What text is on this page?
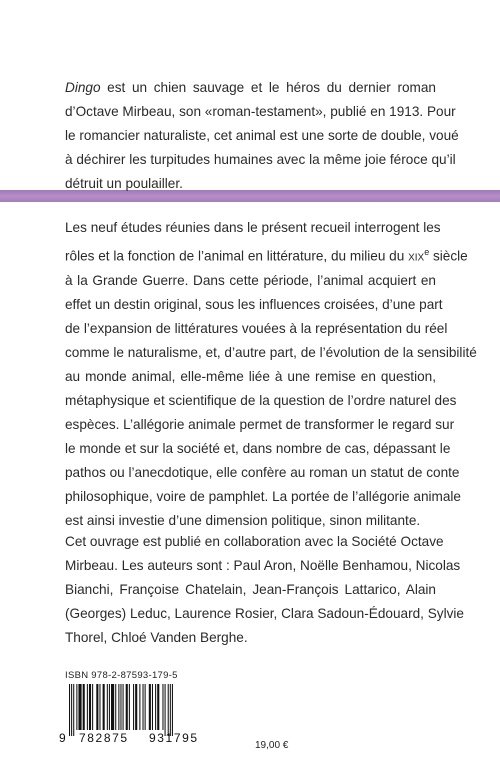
Dingo est un chien sauvage et le héros du dernier roman
d’Octave Mirbeau, son «roman-testament», publié en 1913. Pour
le romancier naturaliste, cet animal est une sorte de double, voué
à déchirer les turpitudes humaines avec la même joie féroce qu’il
détruit un poulailler.

Les neuf études réunies dans le présent recueil interrogent les
rôles et la fonction de l’animal en littérature, du milieu du xix$^e$ siècle
à la Grande Guerre. Dans cette période, l’animal acquiert en
effet un destin original, sous les influences croisées, d’une part
de l’expansion de littératures vouées à la représentation du réel
comme le naturalisme, et, d’autre part, de l’évolution de la sensibilité
au monde animal, elle-même liée à une remise en question,
métaphysique et scientifique de la question de l’ordre naturel des
espèces. L’allégorie animale permet de transformer le regard sur
le monde et sur la société et, dans nombre de cas, dépassant le
pathos ou l’anecdotique, elle confère au roman un statut de conte
philosophique, voire de pamphlet. La portée de l’allégorie animale
est ainsi investie d’une dimension politique, sinon militante.

Cet ouvrage est publié en collaboration avec la Société Octave
Mirbeau. Les auteurs sont : Paul Aron, Noëlle Benhamou, Nicolas
Bianchi, Françoise Chatelain, Jean-François Lattarico, Alain
(Georges) Leduc, Laurence Rosier, Clara Sadoun-Édouard, Sylvie
Thorel, Chloé Vanden Berghe.

ISBN 978-2-87593-179-5
9 782875 931795
19,00 €
